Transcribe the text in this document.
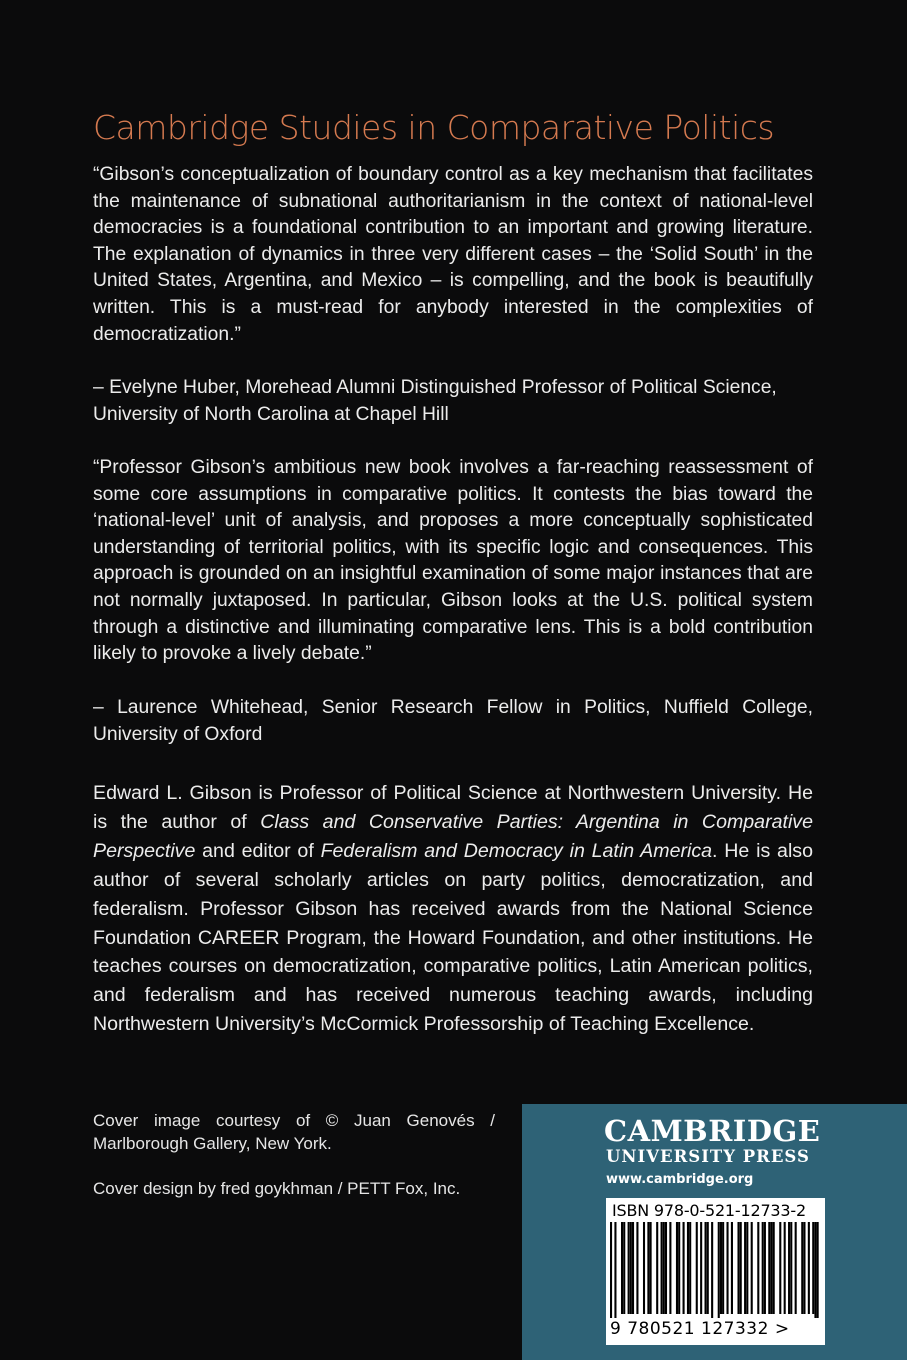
Cambridge Studies in Comparative Politics
“Gibson’s conceptualization of boundary control as a key mechanism that facilitates the maintenance of subnational authoritarianism in the context of national-level democracies is a foundational contribution to an important and growing literature. The explanation of dynamics in three very different cases – the ‘Solid South’ in the United States, Argentina, and Mexico – is compelling, and the book is beautifully written. This is a must-read for anybody interested in the complexities of democratization.”
– Evelyne Huber, Morehead Alumni Distinguished Professor of Political Science, University of North Carolina at Chapel Hill
“Professor Gibson’s ambitious new book involves a far-reaching reassessment of some core assumptions in comparative politics. It contests the bias toward the ‘national-level’ unit of analysis, and proposes a more conceptually sophisticated understanding of territorial politics, with its specific logic and consequences. This approach is grounded on an insightful examination of some major instances that are not normally juxtaposed. In particular, Gibson looks at the U.S. political system through a distinctive and illuminating comparative lens. This is a bold contribution likely to provoke a lively debate.”
– Laurence Whitehead, Senior Research Fellow in Politics, Nuffield College, University of Oxford
Edward L. Gibson is Professor of Political Science at Northwestern University. He is the author of Class and Conservative Parties: Argentina in Comparative Perspective and editor of Federalism and Democracy in Latin America. He is also author of several scholarly articles on party politics, democratization, and federalism. Professor Gibson has received awards from the National Science Foundation CAREER Program, the Howard Foundation, and other institutions. He teaches courses on democratization, comparative politics, Latin American politics, and federalism and has received numerous teaching awards, including Northwestern University’s McCormick Professorship of Teaching Excellence.
Cover image courtesy of © Juan Genovés / Marlborough Gallery, New York.
Cover design by fred goykhman / PETT Fox, Inc.
CAMBRIDGE
UNIVERSITY PRESS
www.cambridge.org
ISBN 978-0-521-12733-2
9 780521 127332 >
